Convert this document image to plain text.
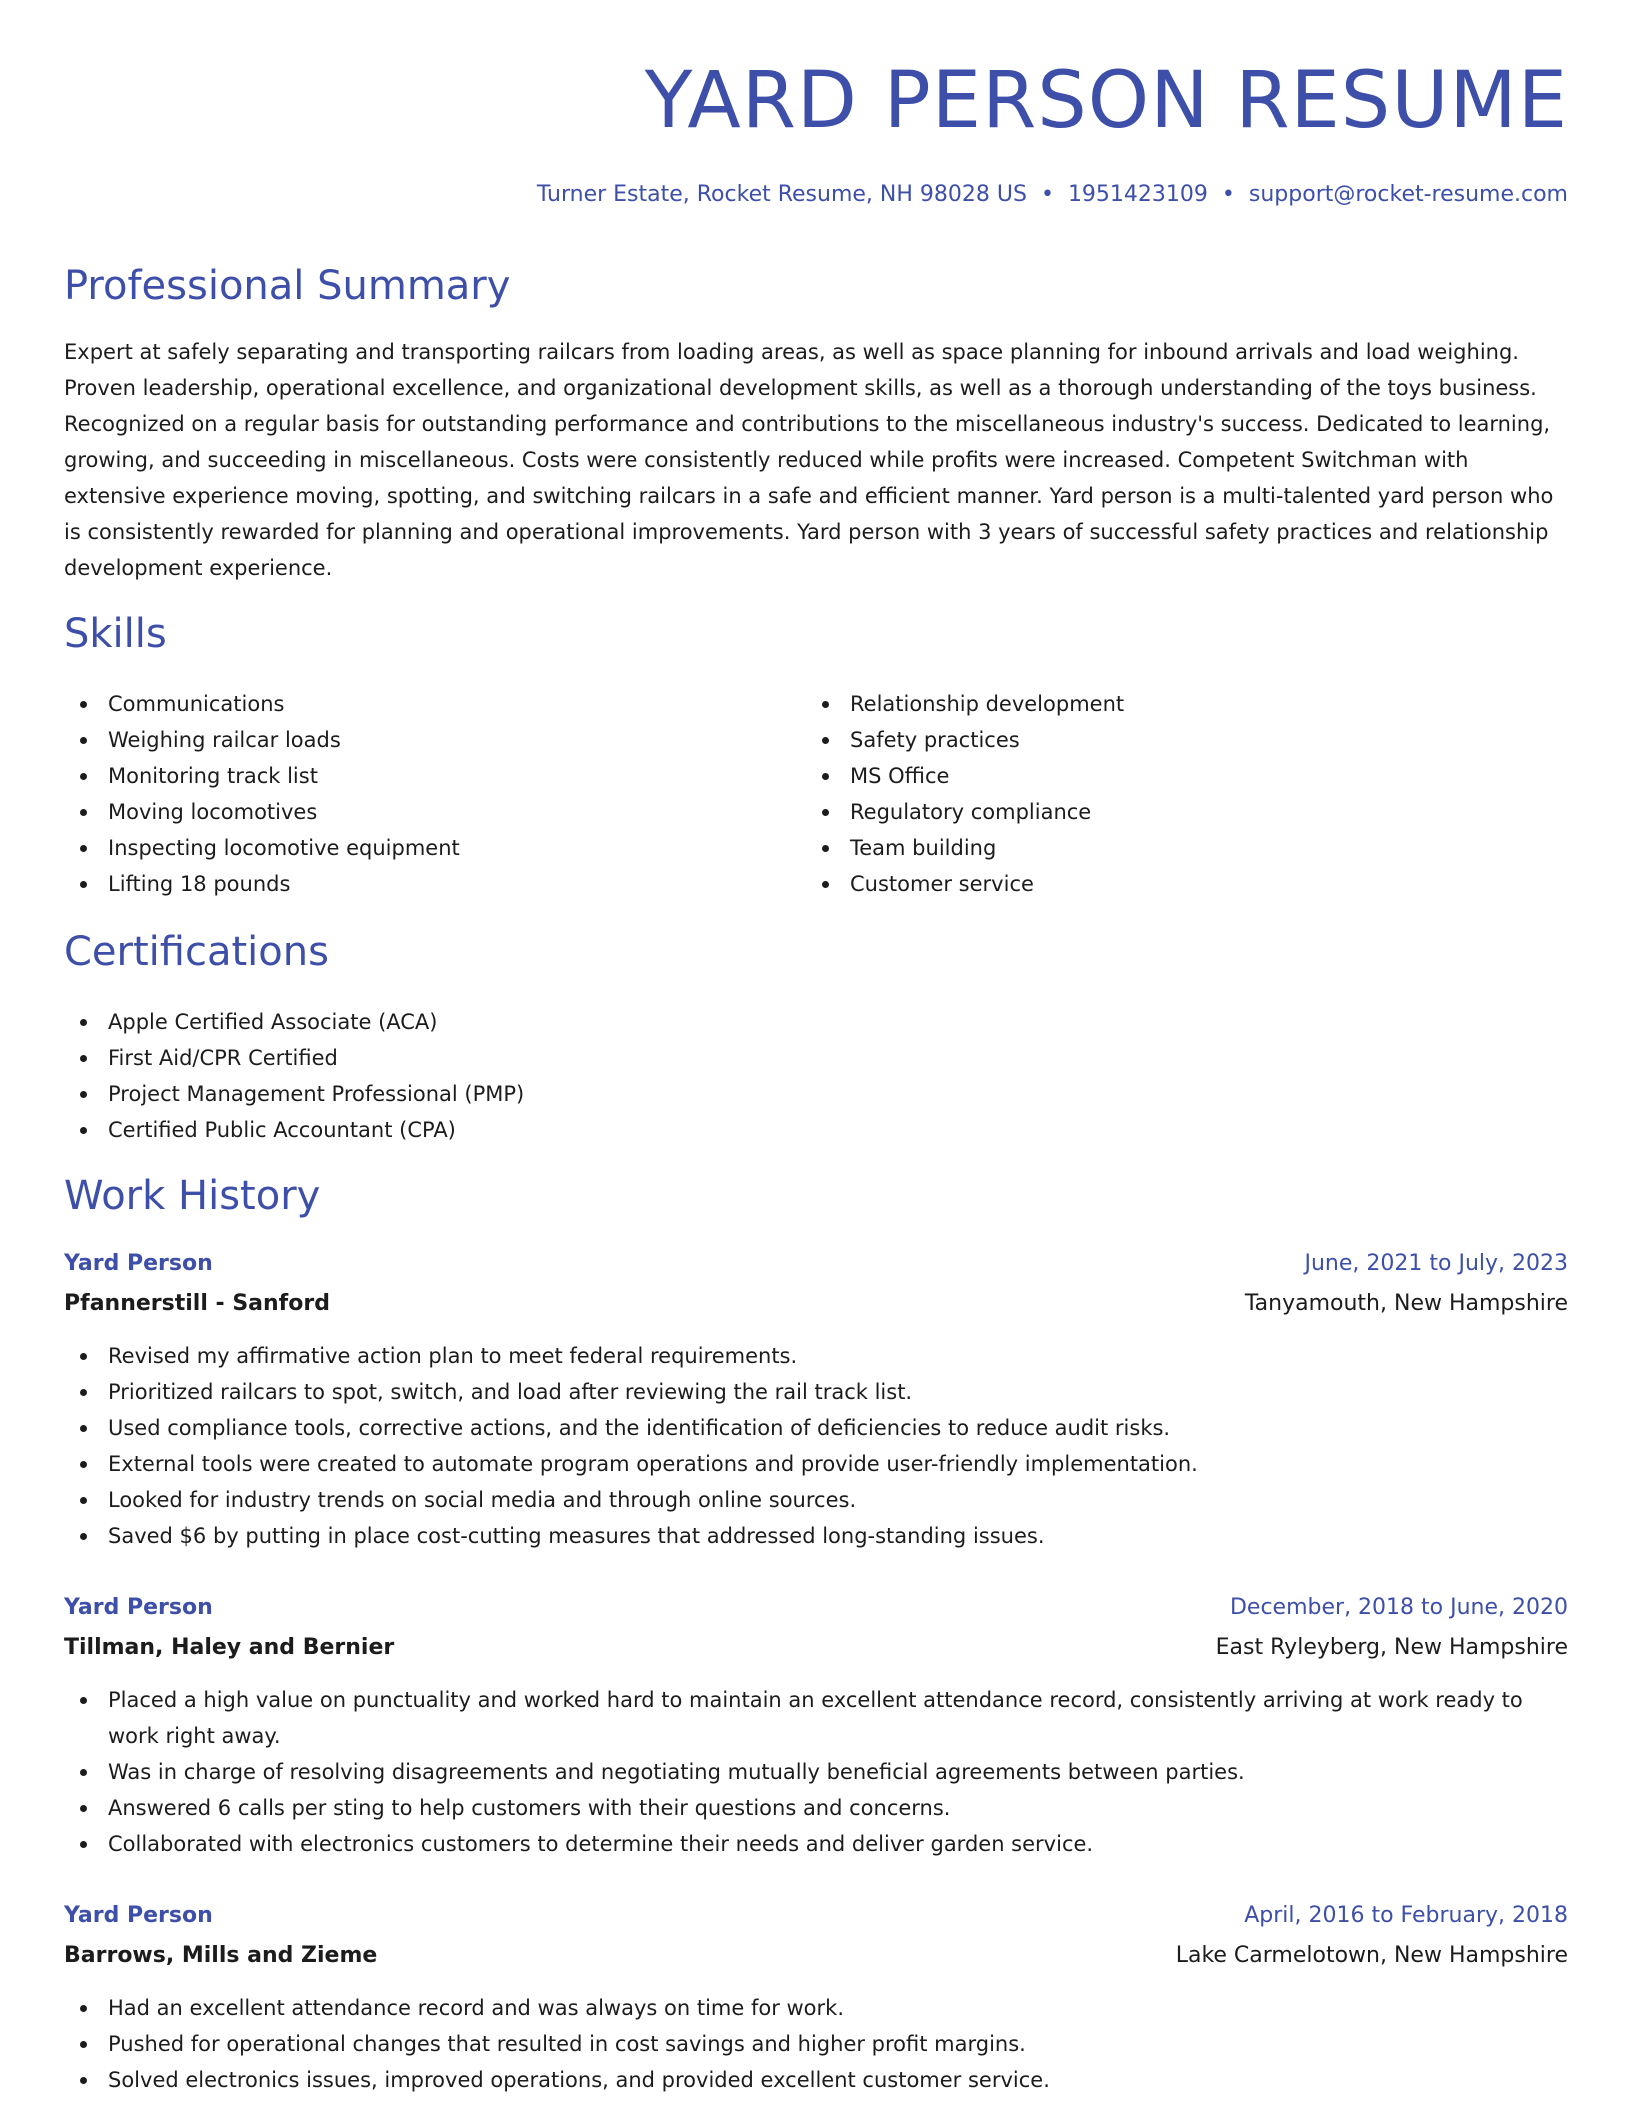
YARD PERSON RESUME
Turner Estate, Rocket Resume, NH 98028 US • 1951423109 • support@rocket-resume.com
Professional Summary

Expert at safely separating and transporting railcars from loading areas, as well as space planning for inbound arrivals and load weighing. Proven leadership, operational excellence, and organizational development skills, as well as a thorough understanding of the toys business. Recognized on a regular basis for outstanding performance and contributions to the miscellaneous industry's success. Dedicated to learning, growing, and succeeding in miscellaneous. Costs were consistently reduced while profits were increased. Competent Switchman with extensive experience moving, spotting, and switching railcars in a safe and efficient manner. Yard person is a multi-talented yard person who is consistently rewarded for planning and operational improvements. Yard person with 3 years of successful safety practices and relationship development experience.

Skills
Communications
Weighing railcar loads
Monitoring track list
Moving locomotives
Inspecting locomotive equipment
Lifting 18 pounds
Relationship development
Safety practices
MS Office
Regulatory compliance
Team building
Customer service
Certifications
Apple Certified Associate (ACA)
First Aid/CPR Certified
Project Management Professional (PMP)
Certified Public Accountant (CPA)
Work History
Yard Person	June, 2021 to July, 2023
Pfannerstill - Sanford	Tanyamouth, New Hampshire
Revised my affirmative action plan to meet federal requirements.
Prioritized railcars to spot, switch, and load after reviewing the rail track list.
Used compliance tools, corrective actions, and the identification of deficiencies to reduce audit risks.
External tools were created to automate program operations and provide user-friendly implementation.
Looked for industry trends on social media and through online sources.
Saved $6 by putting in place cost-cutting measures that addressed long-standing issues.
Yard Person	December, 2018 to June, 2020
Tillman, Haley and Bernier	East Ryleyberg, New Hampshire
Placed a high value on punctuality and worked hard to maintain an excellent attendance record, consistently arriving at work ready to work right away.
Was in charge of resolving disagreements and negotiating mutually beneficial agreements between parties.
Answered 6 calls per sting to help customers with their questions and concerns.
Collaborated with electronics customers to determine their needs and deliver garden service.
Yard Person	April, 2016 to February, 2018
Barrows, Mills and Zieme	Lake Carmelotown, New Hampshire
Had an excellent attendance record and was always on time for work.
Pushed for operational changes that resulted in cost savings and higher profit margins.
Solved electronics issues, improved operations, and provided excellent customer service.
